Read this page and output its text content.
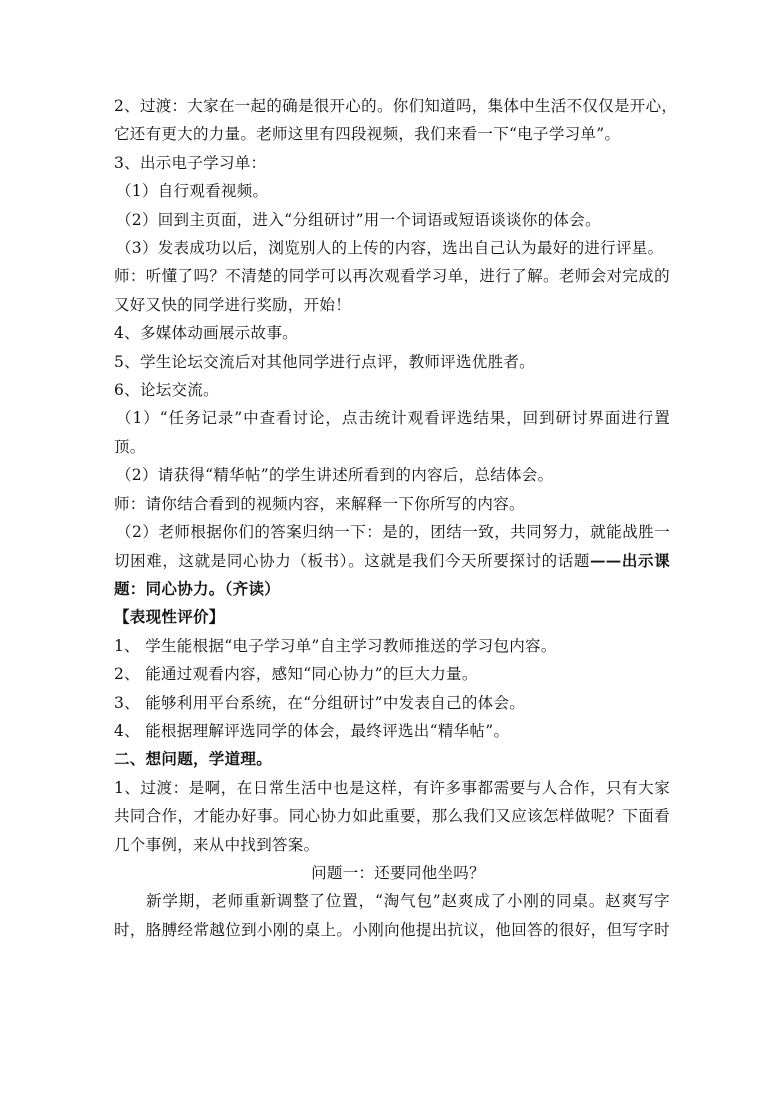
2、过渡：大家在一起的确是很开心的。你们知道吗，集体中生活不仅仅是开心，

它还有更大的力量。老师这里有四段视频，我们来看一下“电子学习单”。

3、出示电子学习单：

（1）自行观看视频。

（2）回到主页面，进入“分组研讨”用一个词语或短语谈谈你的体会。

（3）发表成功以后，浏览别人的上传的内容，选出自己认为最好的进行评星。

师：听懂了吗？不清楚的同学可以再次观看学习单，进行了解。老师会对完成的

又好又快的同学进行奖励，开始！

4、多媒体动画展示故事。

5、学生论坛交流后对其他同学进行点评，教师评选优胜者。

6、论坛交流。

（1）“任务记录”中查看讨论，点击统计观看评选结果，回到研讨界面进行置

顶。

（2）请获得“精华帖”的学生讲述所看到的内容后，总结体会。

师：请你结合看到的视频内容，来解释一下你所写的内容。

（2）老师根据你们的答案归纳一下：是的，团结一致，共同努力，就能战胜一

切困难，这就是同心协力（板书）。这就是我们今天所要探讨的话题——出示课

题：同心协力。（齐读）

【表现性评价】

1、 学生能根据“电子学习单”自主学习教师推送的学习包内容。

2、 能通过观看内容，感知“同心协力”的巨大力量。

3、 能够利用平台系统，在“分组研讨”中发表自己的体会。

4、 能根据理解评选同学的体会，最终评选出“精华帖”。

二、想问题，学道理。

1、过渡：是啊，在日常生活中也是这样，有许多事都需要与人合作，只有大家

共同合作，才能办好事。同心协力如此重要，那么我们又应该怎样做呢？下面看

几个事例，来从中找到答案。

问题一：还要同他坐吗？

新学期，老师重新调整了位置，“淘气包”赵爽成了小刚的同桌。赵爽写字

时，胳膊经常越位到小刚的桌上。小刚向他提出抗议，他回答的很好，但写字时
